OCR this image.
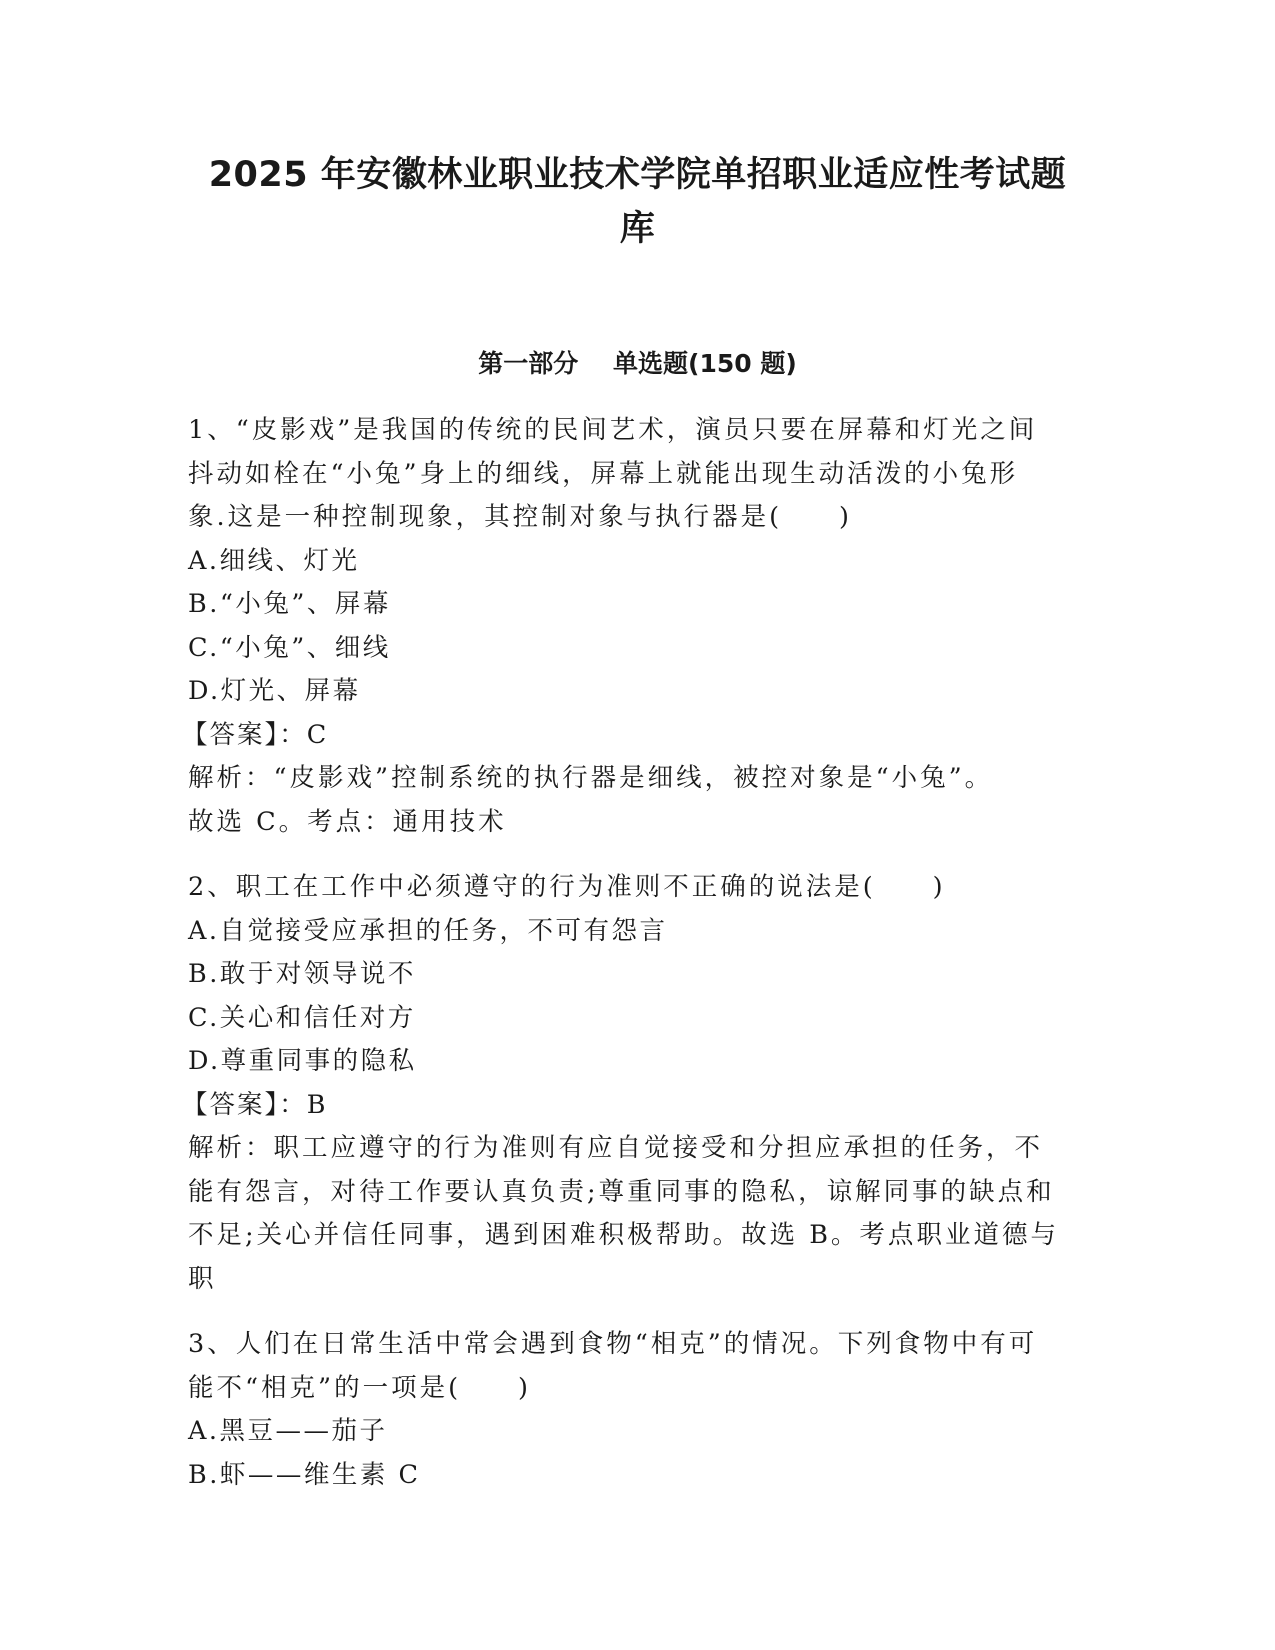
2025 年安徽林业职业技术学院单招职业适应性考试题
库
第一部分    单选题(150 题)

1、“皮影戏”是我国的传统的民间艺术，演员只要在屏幕和灯光之间

抖动如栓在“小兔”身上的细线，屏幕上就能出现生动活泼的小兔形

象.这是一种控制现象，其控制对象与执行器是(　　)

A.细线、灯光

B.“小兔”、屏幕

C.“小兔”、细线

D.灯光、屏幕

【答案】：C

解析：“皮影戏”控制系统的执行器是细线，被控对象是“小兔”。

故选 C。考点：通用技术

2、职工在工作中必须遵守的行为准则不正确的说法是(　　)

A.自觉接受应承担的任务，不可有怨言

B.敢于对领导说不

C.关心和信任对方

D.尊重同事的隐私

【答案】：B

解析：职工应遵守的行为准则有应自觉接受和分担应承担的任务，不

能有怨言，对待工作要认真负责;尊重同事的隐私，谅解同事的缺点和

不足;关心并信任同事，遇到困难积极帮助。故选 B。考点职业道德与

职

3、人们在日常生活中常会遇到食物“相克”的情况。下列食物中有可

能不“相克”的一项是(　　)

A.黑豆——茄子

B.虾——维生素 C
